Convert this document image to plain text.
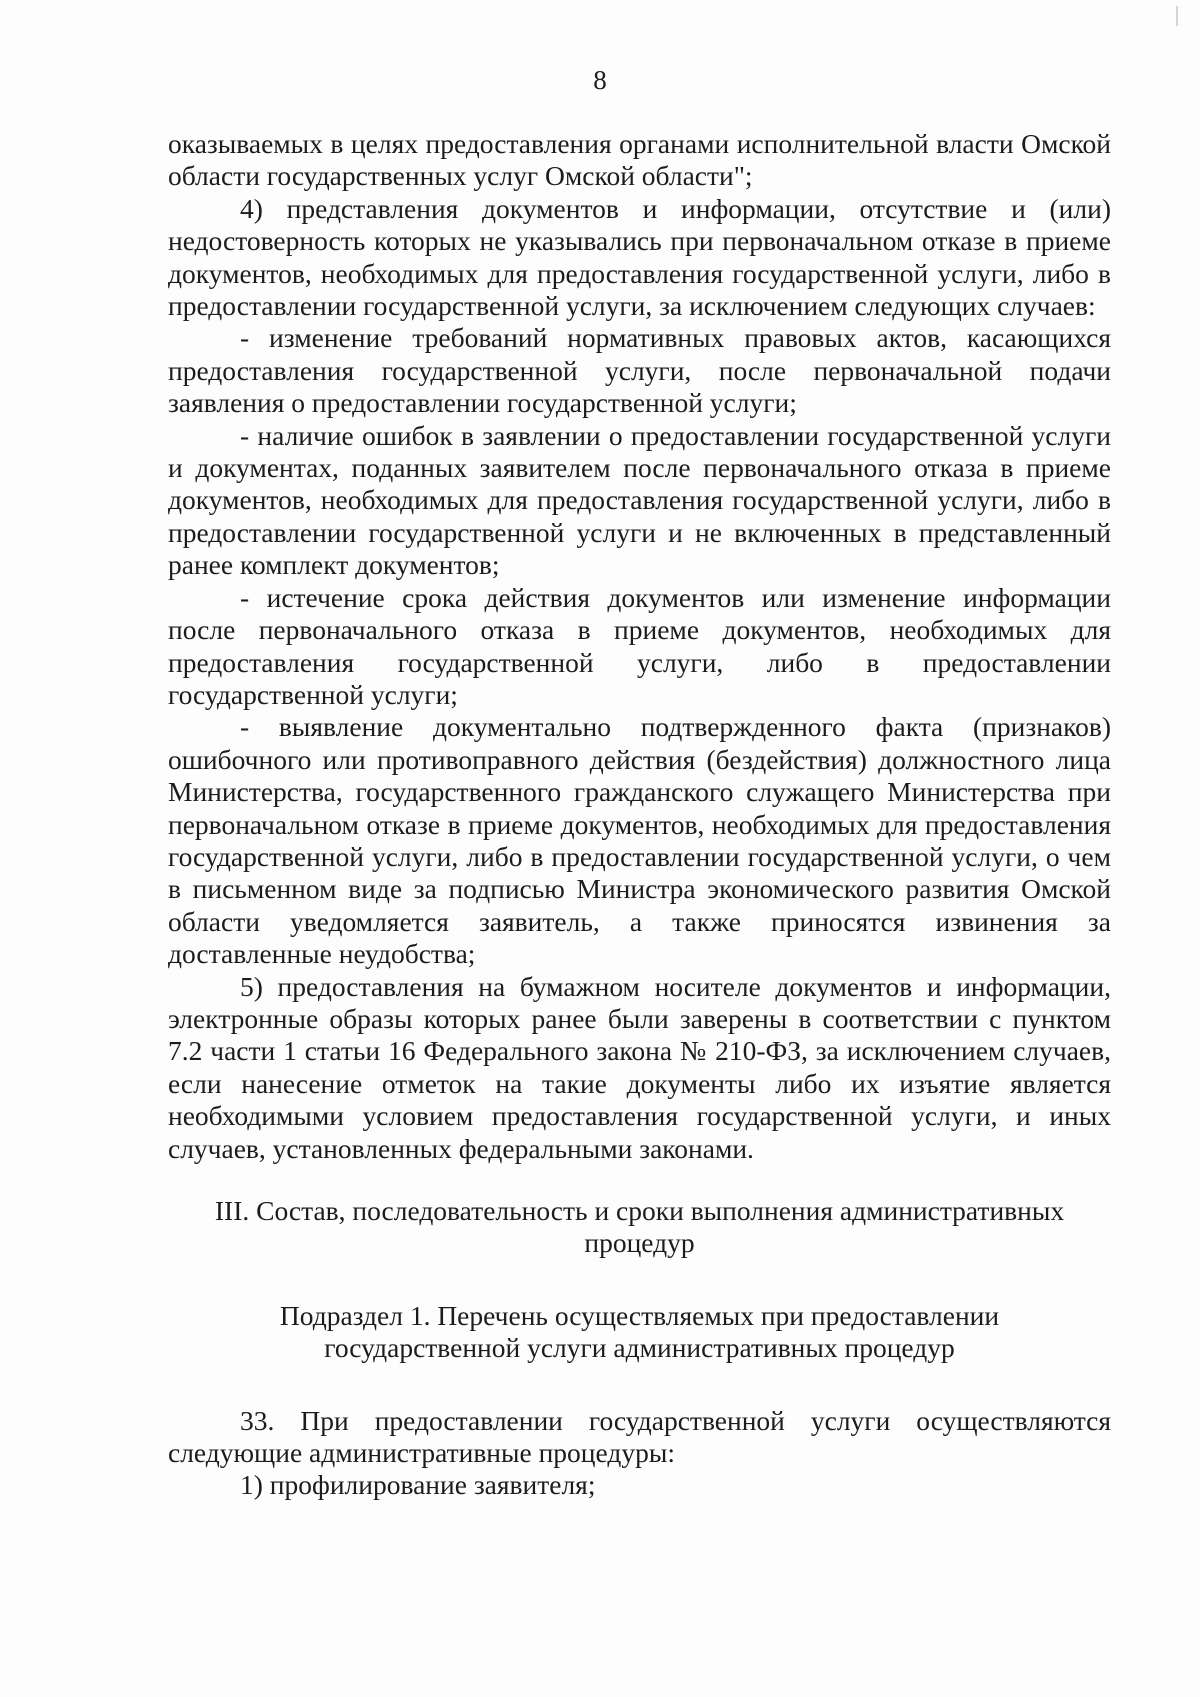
8

оказываемых в целях предоставления органами исполнительной власти Омской области государственных услуг Омской области";

4) представления документов и информации, отсутствие и (или) недостоверность которых не указывались при первоначальном отказе в приеме документов, необходимых для предоставления государственной услуги, либо в предоставлении государственной услуги, за исключением следующих случаев:

- изменение требований нормативных правовых актов, касающихся предоставления государственной услуги, после первоначальной подачи заявления о предоставлении государственной услуги;

- наличие ошибок в заявлении о предоставлении государственной услуги и документах, поданных заявителем после первоначального отказа в приеме документов, необходимых для предоставления государственной услуги, либо в предоставлении государственной услуги и не включенных в представленный ранее комплект документов;

- истечение срока действия документов или изменение информации после первоначального отказа в приеме документов, необходимых для предоставления государственной услуги, либо в предоставлении государственной услуги;

- выявление документально подтвержденного факта (признаков) ошибочного или противоправного действия (бездействия) должностного лица Министерства, государственного гражданского служащего Министерства при первоначальном отказе в приеме документов, необходимых для предоставления государственной услуги, либо в предоставлении государственной услуги, о чем в письменном виде за подписью Министра экономического развития Омской области уведомляется заявитель, а также приносятся извинения за доставленные неудобства;

5) предоставления на бумажном носителе документов и информации, электронные образы которых ранее были заверены в соответствии с пунктом 7.2 части 1 статьи 16 Федерального закона № 210-ФЗ, за исключением случаев, если нанесение отметок на такие документы либо их изъятие является необходимыми условием предоставления государственной услуги, и иных случаев, установленных федеральными законами.

III. Состав, последовательность и сроки выполнения административных процедур
Подраздел 1. Перечень осуществляемых при предоставлении государственной услуги административных процедур

33. При предоставлении государственной услуги осуществляются следующие административные процедуры:

1) профилирование заявителя;
